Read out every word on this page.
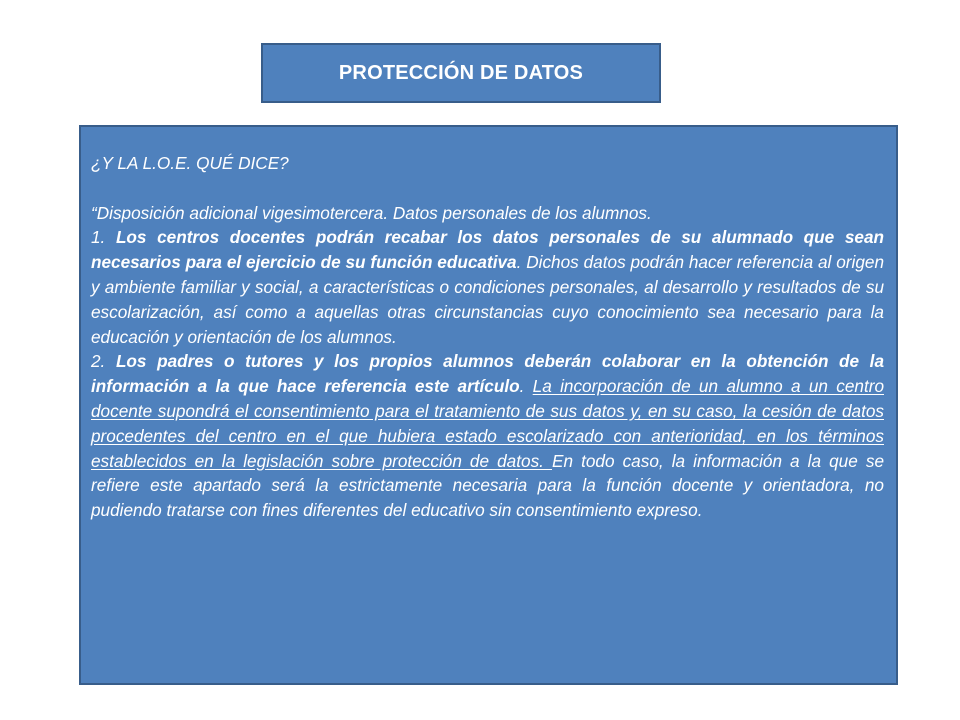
PROTECCIÓN DE DATOS

¿Y LA L.O.E. QUÉ DICE?

“Disposición adicional vigesimotercera. Datos personales de los alumnos.

1. Los centros docentes podrán recabar los datos personales de su alumnado que sean necesarios para el ejercicio de su función educativa. Dichos datos podrán hacer referencia al origen y ambiente familiar y social, a características o condiciones personales, al desarrollo y resultados de su escolarización, así como a aquellas otras circunstancias cuyo conocimiento sea necesario para la educación y orientación de los alumnos.

2. Los padres o tutores y los propios alumnos deberán colaborar en la obtención de la información a la que hace referencia este artículo. La incorporación de un alumno a un centro docente supondrá el consentimiento para el tratamiento de sus datos y, en su caso, la cesión de datos procedentes del centro en el que hubiera estado escolarizado con anterioridad, en los términos establecidos en la legislación sobre protección de datos. En todo caso, la información a la que se refiere este apartado será la estrictamente necesaria para la función docente y orientadora, no pudiendo tratarse con fines diferentes del educativo sin consentimiento expreso.
